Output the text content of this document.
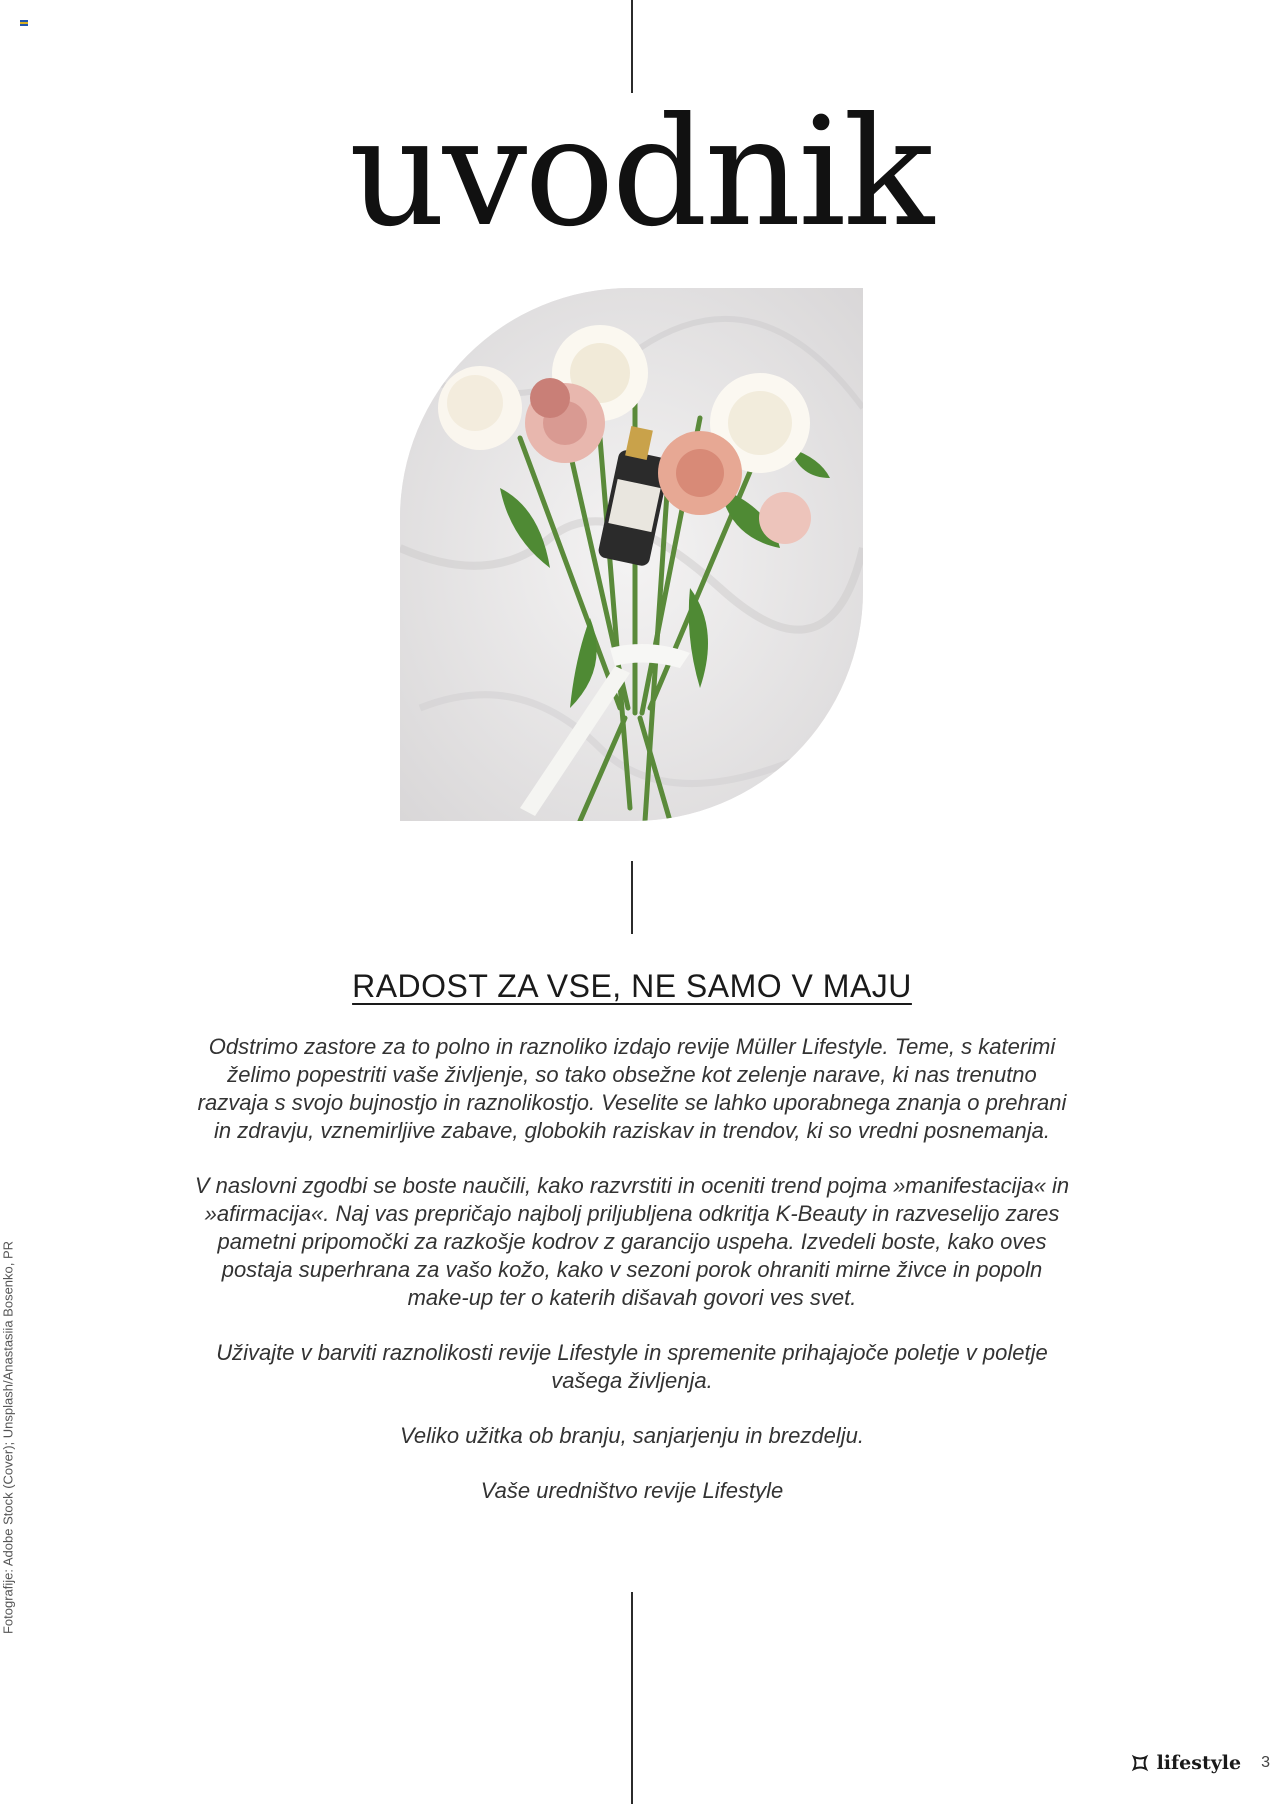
uvodnik
RADOST ZA VSE, NE SAMO V MAJU

Odstrimo zastore za to polno in raznoliko izdajo revije Müller Lifestyle. Teme, s katerimi želimo popestriti vaše življenje, so tako obsežne kot zelenje narave, ki nas trenutno razvaja s svojo bujnostjo in raznolikostjo. Veselite se lahko uporabnega znanja o prehrani in zdravju, vznemirljive zabave, globokih raziskav in trendov, ki so vredni posnemanja.

V naslovni zgodbi se boste naučili, kako razvrstiti in oceniti trend pojma »manifestacija« in »afirmacija«. Naj vas prepričajo najbolj priljubljena odkritja K-Beauty in razveselijo zares pametni pripomočki za razkošje kodrov z garancijo uspeha. Izvedeli boste, kako oves postaja superhrana za vašo kožo, kako v sezoni porok ohraniti mirne živce in popoln make-up ter o katerih dišavah govori ves svet.

Uživajte v barviti raznolikosti revije Lifestyle in spremenite prihajajoče poletje v poletje vašega življenja.

Veliko užitka ob branju, sanjarjenju in brezdelju.

Vaše uredništvo revije Lifestyle

Fotografije: Adobe Stock (Cover); Unsplash/Anastasiia Bosenko, PR
lifestyle 3
